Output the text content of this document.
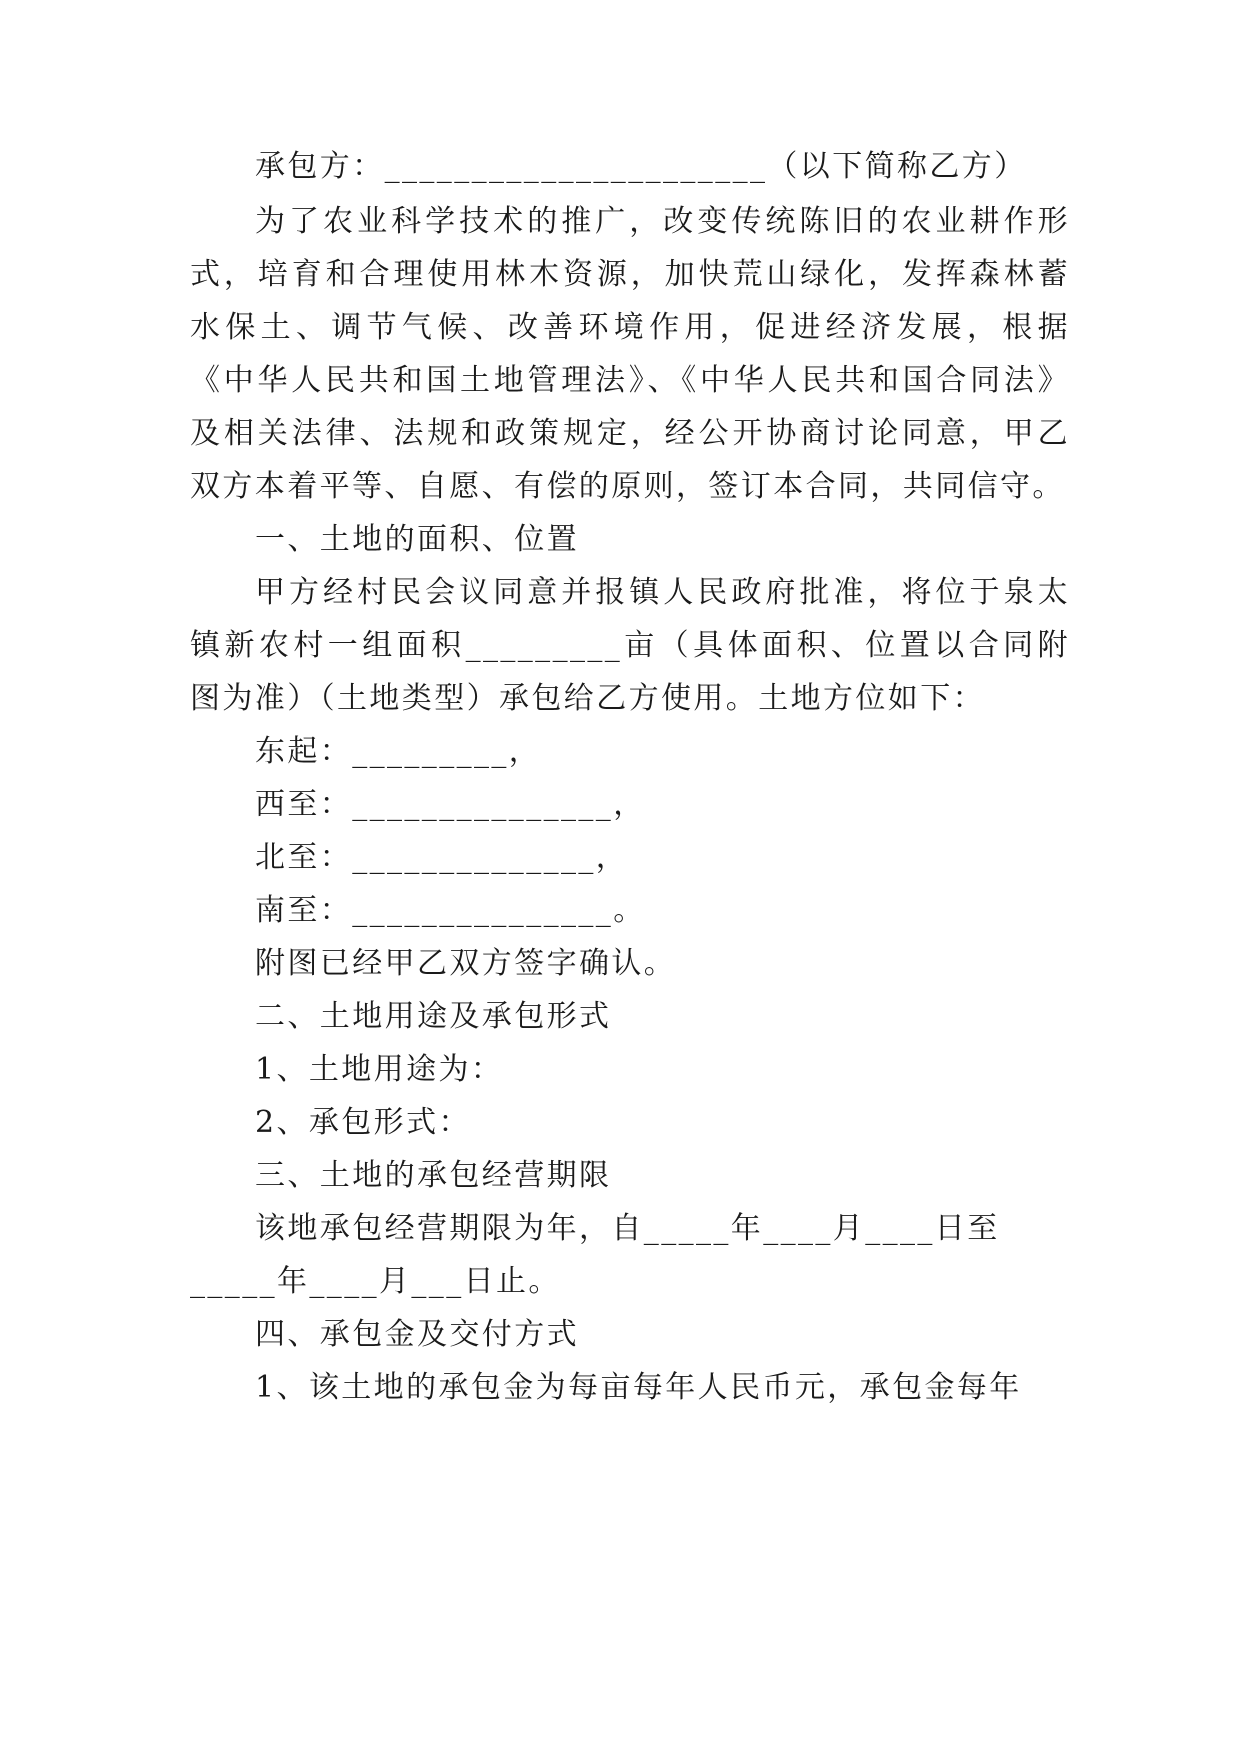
承包方：______________________（以下简称乙方）
为了农业科学技术的推广，改变传统陈旧的农业耕作形
式，培育和合理使用林木资源，加快荒山绿化，发挥森林蓄
水保土、调节气候、改善环境作用，促进经济发展，根据
《中华人民共和国土地管理法》、《中华人民共和国合同法》
及相关法律、法规和政策规定，经公开协商讨论同意，甲乙
双方本着平等、自愿、有偿的原则，签订本合同，共同信守。
一、土地的面积、位置
甲方经村民会议同意并报镇人民政府批准，将位于泉太
镇新农村一组面积_________亩（具体面积、位置以合同附
图为准）（土地类型）承包给乙方使用。土地方位如下：
东起：_________，
西至：_______________，
北至：______________，
南至：_______________。
附图已经甲乙双方签字确认。
二、土地用途及承包形式
1、土地用途为：
2、承包形式：
三、土地的承包经营期限
该地承包经营期限为年，自_____年____月____日至
_____年____月___日止。
四、承包金及交付方式
1、该土地的承包金为每亩每年人民币元，承包金每年
